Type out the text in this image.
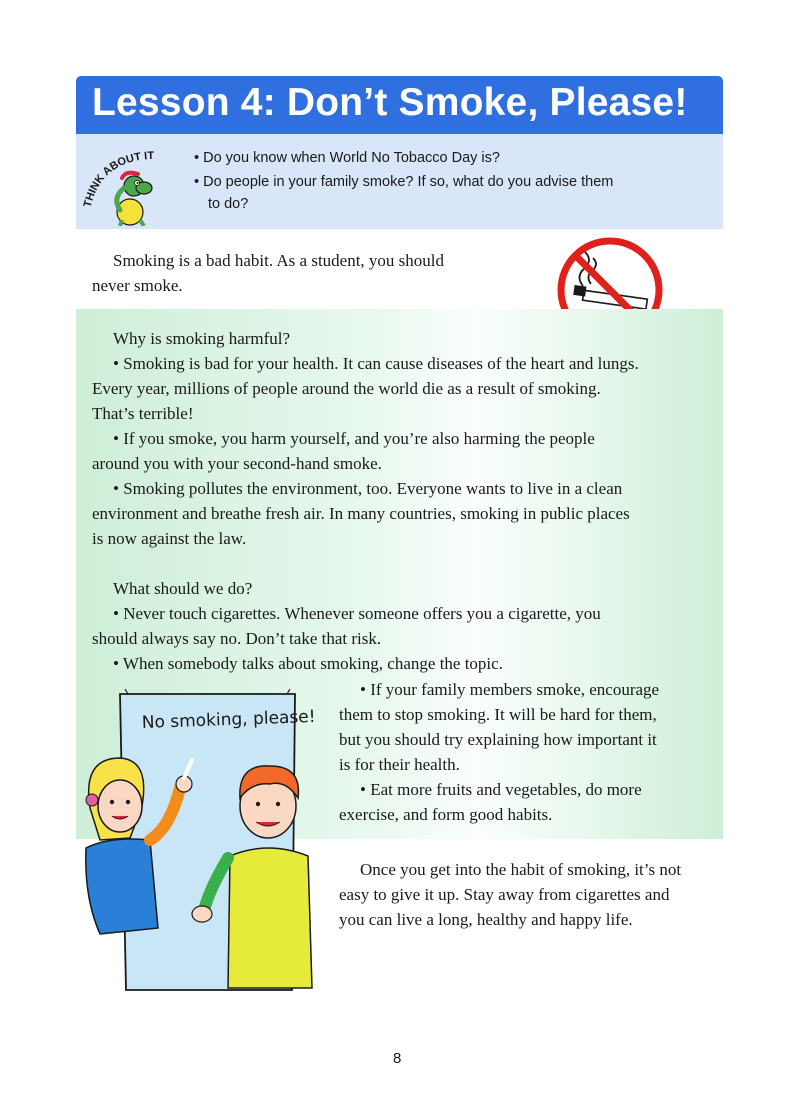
Lesson 4: Don’t Smoke, Please!
THINK ABOUT IT	• Do you know when World No Tobacco Day is?
• Do people in your family smoke? If so, what do you advise them
to do?
Smoking is a bad habit. As a student, you should
never smoke.
Why is smoking harmful?
• Smoking is bad for your health. It can cause diseases of the heart and lungs.
Every year, millions of people around the world die as a result of smoking.
That’s terrible!
• If you smoke, you harm yourself, and you’re also harming the people
around you with your second-hand smoke.
• Smoking pollutes the environment, too. Everyone wants to live in a clean
environment and breathe fresh air. In many countries, smoking in public places
is now against the law.
What should we do?
• Never touch cigarettes. Whenever someone offers you a cigarette, you
should always say no. Don’t take that risk.
• When somebody talks about smoking, change the topic.
• If your family members smoke, encourage
them to stop smoking. It will be hard for them,
but you should try explaining how important it
is for their health.
• Eat more fruits and vegetables, do more
exercise, and form good habits.
No smoking, please!
Once you get into the habit of smoking, it’s not
easy to give it up. Stay away from cigarettes and
you can live a long, healthy and happy life.
8
